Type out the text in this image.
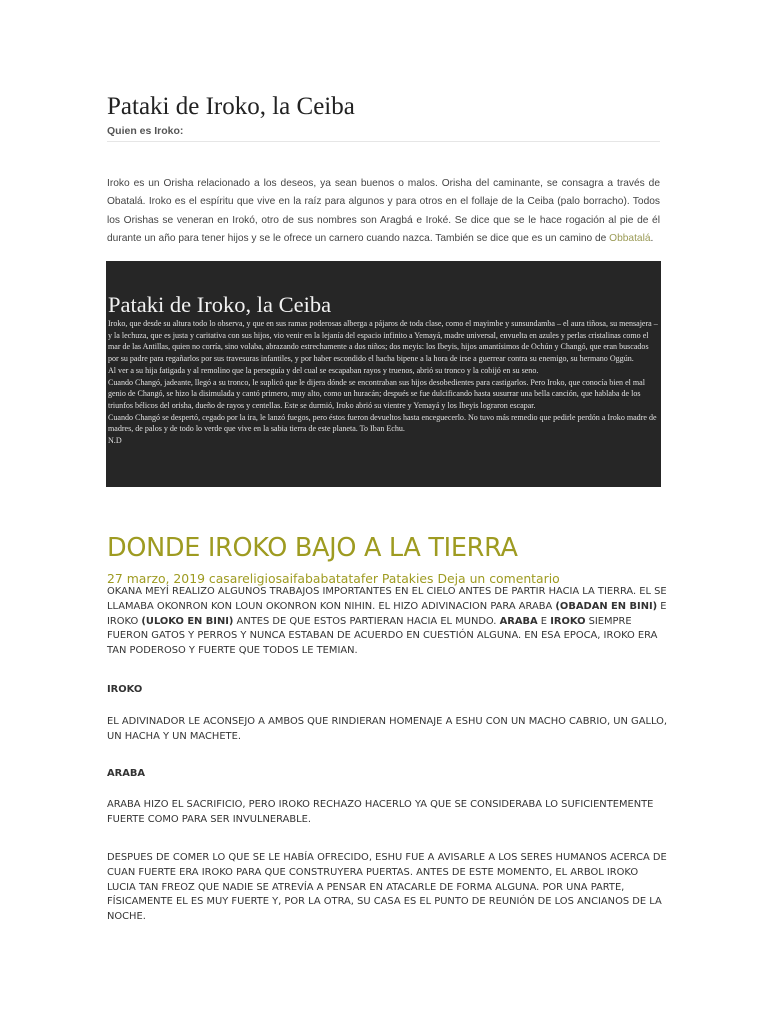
Pataki de Iroko, la Ceiba
Quien es Iroko:

Iroko es un Orisha relacionado a los deseos, ya sean buenos o malos. Orisha del caminante, se consagra a través de Obatalá. Iroko es el espíritu que vive en la raíz para algunos y para otros en el follaje de la Ceiba (palo borracho). Todos los Orishas se veneran en Irokó, otro de sus nombres son Aragbá e Iroké. Se dice que se le hace rogación al pie de él durante un año para tener hijos y se le ofrece un carnero cuando nazca. También se dice que es un camino de Obbatalá.

Pataki de Iroko, la Ceiba

Iroko, que desde su altura todo lo observa, y que en sus ramas poderosas alberga a pájaros de toda clase, como el mayimbe y sunsundamba – el aura tiñosa, su mensajera – y la lechuza, que es justa y caritativa con sus hijos, vio venir en la lejanía del espacio infinito a Yemayá, madre universal, envuelta en azules y perlas cristalinas como el mar de las Antillas, quien no corría, sino volaba, abrazando estrechamente a dos niños; dos meyis: los Ibeyis, hijos amantísimos de Ochún y Changó, que eran buscados por su padre para regañarlos por sus travesuras infantiles, y por haber escondido el hacha bipene a la hora de irse a guerrear contra su enemigo, su hermano Oggún.

Al ver a su hija fatigada y al remolino que la perseguía y del cual se escapaban rayos y truenos, abrió su tronco y la cobijó en su seno.

Cuando Changó, jadeante, llegó a su tronco, le suplicó que le dijera dónde se encontraban sus hijos desobedientes para castigarlos. Pero Iroko, que conocía bien el mal genio de Changó, se hizo la disimulada y cantó primero, muy alto, como un huracán; después se fue dulcificando hasta susurrar una bella canción, que hablaba de los triunfos bélicos del orisha, dueño de rayos y centellas. Este se durmió, Iroko abrió su vientre y Yemayá y los Ibeyis lograron escapar.

Cuando Changó se despertó, cegado por la ira, le lanzó fuegos, pero éstos fueron devueltos hasta enceguecerlo. No tuvo más remedio que pedirle perdón a Iroko madre de madres, de palos y de todo lo verde que vive en la sabia tierra de este planeta. To Iban Echu.

N.D

DONDE IROKO BAJO A LA TIERRA
27 marzo, 2019 casareligiosaifababatatafer Patakies Deja un comentario

OKANA MEYÍ REALIZO ALGUNOS TRABAJOS IMPORTANTES EN EL CIELO ANTES DE PARTIR HACIA LA TIERRA. EL SE LLAMABA OKONRON KON LOUN OKONRON KON NIHIN. EL HIZO ADIVINACION PARA ARABA (OBADAN EN BINI) E IROKO (ULOKO EN BINI) ANTES DE QUE ESTOS PARTIERAN HACIA EL MUNDO. ARABA E IROKO SIEMPRE FUERON GATOS Y PERROS Y NUNCA ESTABAN DE ACUERDO EN CUESTIÓN ALGUNA. EN ESA EPOCA, IROKO ERA TAN PODEROSO Y FUERTE QUE TODOS LE TEMIAN.

IROKO

EL ADIVINADOR LE ACONSEJO A AMBOS QUE RINDIERAN HOMENAJE A ESHU CON UN MACHO CABRIO, UN GALLO, UN HACHA Y UN MACHETE.

ARABA

ARABA HIZO EL SACRIFICIO, PERO IROKO RECHAZO HACERLO YA QUE SE CONSIDERABA LO SUFICIENTEMENTE FUERTE COMO PARA SER INVULNERABLE.

DESPUES DE COMER LO QUE SE LE HABÍA OFRECIDO, ESHU FUE A AVISARLE A LOS SERES HUMANOS ACERCA DE CUAN FUERTE ERA IROKO PARA QUE CONSTRUYERA PUERTAS. ANTES DE ESTE MOMENTO, EL ARBOL IROKO LUCIA TAN FREOZ QUE NADIE SE ATREVÍA A PENSAR EN ATACARLE DE FORMA ALGUNA. POR UNA PARTE, FÍSICAMENTE EL ES MUY FUERTE Y, POR LA OTRA, SU CASA ES EL PUNTO DE REUNIÓN DE LOS ANCIANOS DE LA NOCHE.
